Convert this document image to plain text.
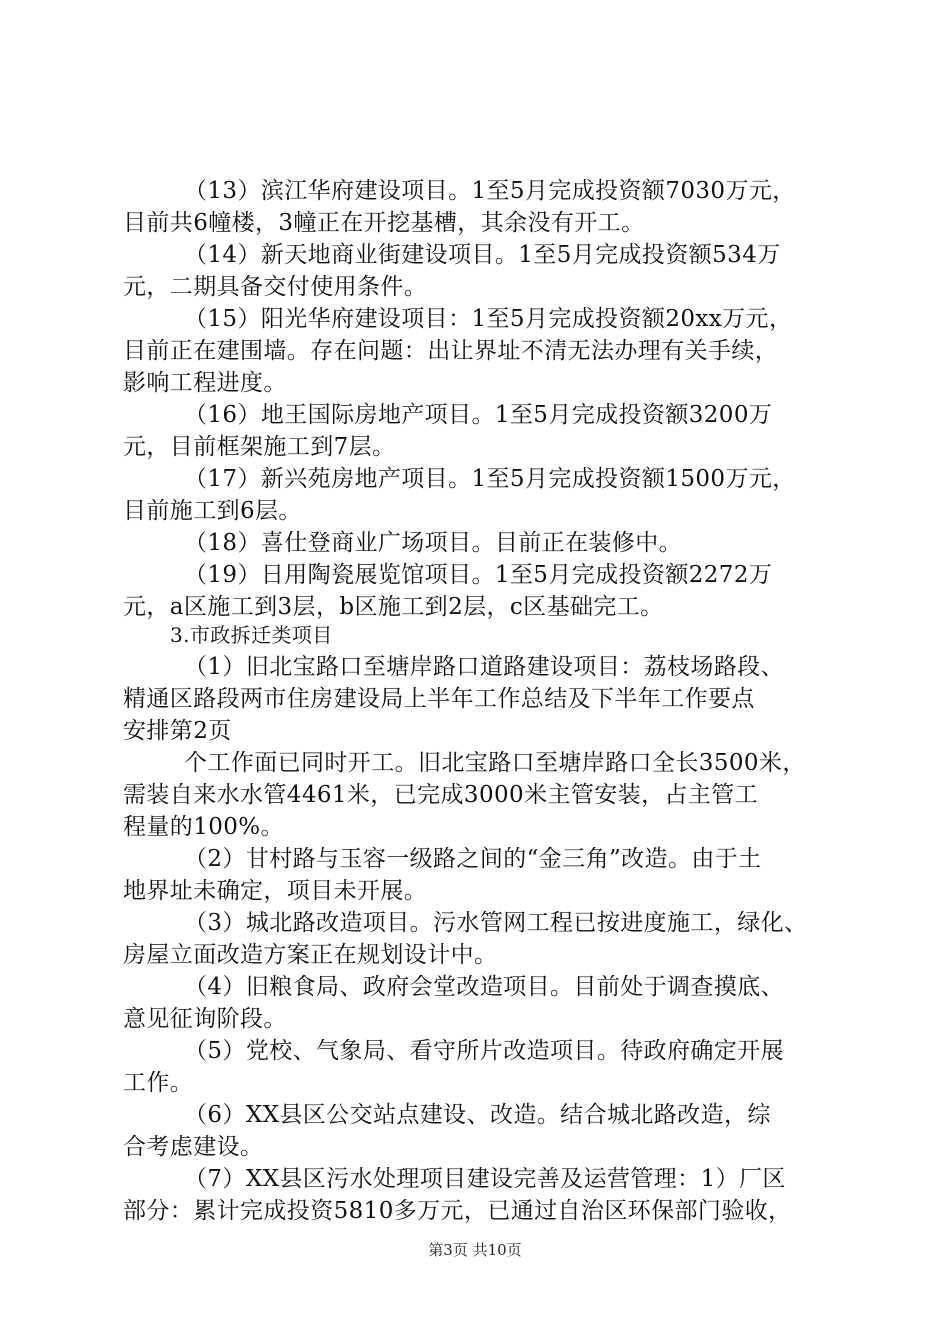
（13）滨江华府建设项目。1至5月完成投资额7030万元，

目前共6幢楼，3幢正在开挖基槽，其余没有开工。

（14）新天地商业街建设项目。1至5月完成投资额534万

元，二期具备交付使用条件。

（15）阳光华府建设项目：1至5月完成投资额20xx万元，

目前正在建围墙。存在问题：出让界址不清无法办理有关手续，

影响工程进度。

（16）地王国际房地产项目。1至5月完成投资额3200万

元，目前框架施工到7层。

（17）新兴苑房地产项目。1至5月完成投资额1500万元，

目前施工到6层。

（18）喜仕登商业广场项目。目前正在装修中。

（19）日用陶瓷展览馆项目。1至5月完成投资额2272万

元，a区施工到3层，b区施工到2层，c区基础完工。

3.市政拆迁类项目

（1）旧北宝路口至塘岸路口道路建设项目：荔枝场路段、

精通区路段两市住房建设局上半年工作总结及下半年工作要点

安排第2页

个工作面已同时开工。旧北宝路口至塘岸路口全长3500米，

需装自来水水管4461米，已完成3000米主管安装，占主管工

程量的100%。

（2）甘村路与玉容一级路之间的“金三角”改造。由于土

地界址未确定，项目未开展。

（3）城北路改造项目。污水管网工程已按进度施工，绿化、

房屋立面改造方案正在规划设计中。

（4）旧粮食局、政府会堂改造项目。目前处于调查摸底、

意见征询阶段。

（5）党校、气象局、看守所片改造项目。待政府确定开展

工作。

（6）XX县区公交站点建设、改造。结合城北路改造，综

合考虑建设。

（7）XX县区污水处理项目建设完善及运营管理：1）厂区

部分：累计完成投资5810多万元，已通过自治区环保部门验收，

第3页 共10页
